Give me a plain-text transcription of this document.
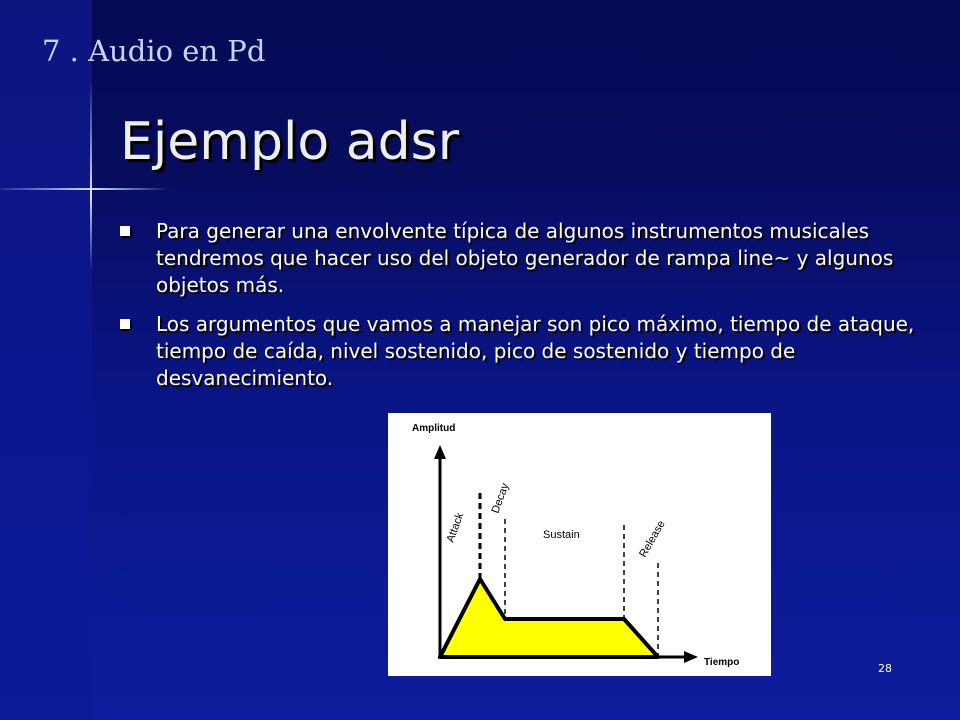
7 . Audio en Pd
Ejemplo adsr
Para generar una envolvente típica de algunos instrumentos musicales tendremos que hacer uso del objeto generador de rampa line~ y algunos objetos más.
Los argumentos que vamos a manejar son pico máximo, tiempo de ataque, tiempo de caída, nivel sostenido, pico de sostenido y tiempo de desvanecimiento.
Amplitud
Tiempo
Attack
Decay
Sustain	Release
28
